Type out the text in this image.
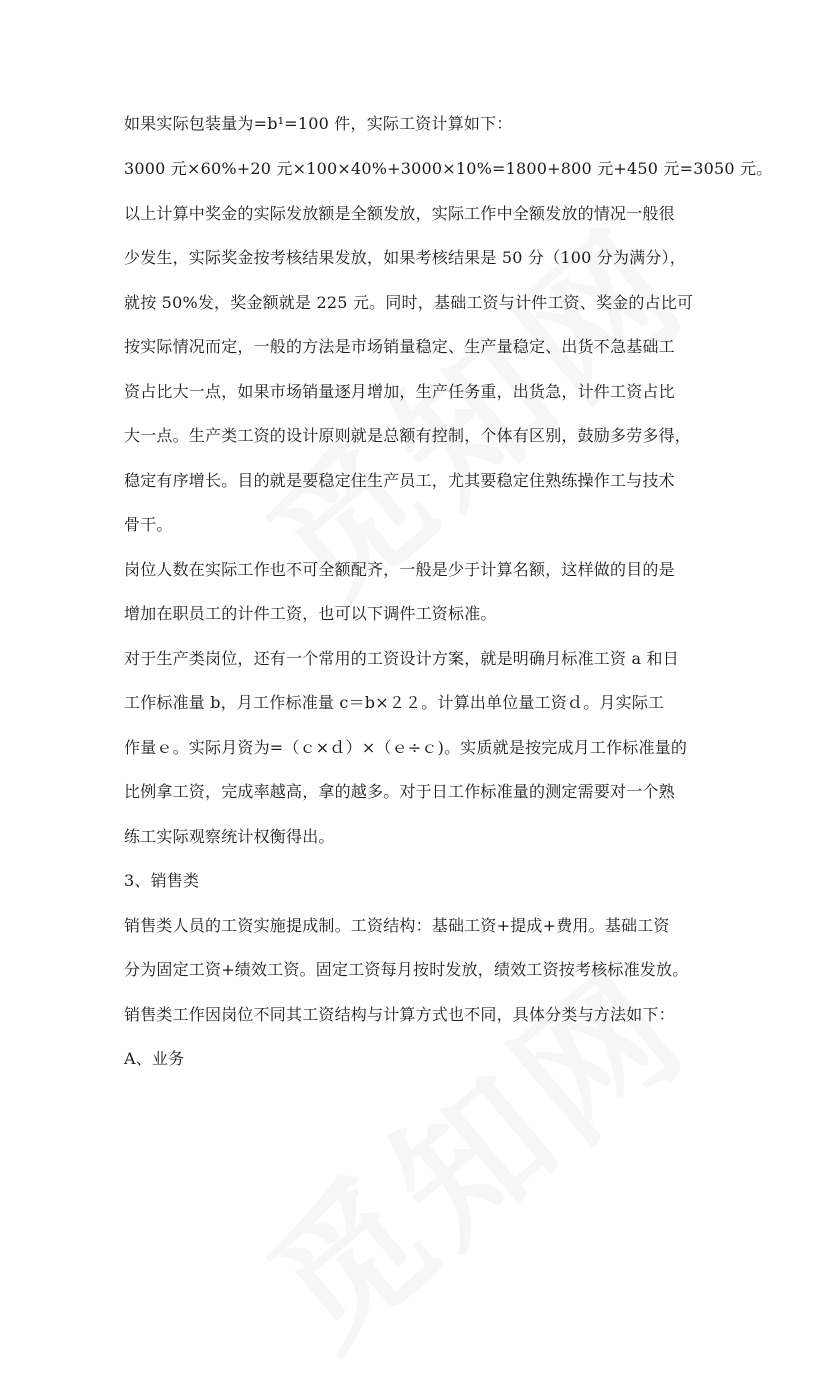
如果实际包装量为=b¹=100 件，实际工资计算如下：
3000 元×60%+20 元×100×40%+3000×10%=1800+800 元+450 元=3050 元。
以上计算中奖金的实际发放额是全额发放，实际工作中全额发放的情况一般很
少发生，实际奖金按考核结果发放，如果考核结果是 50 分（100 分为满分），
就按 50%发，奖金额就是 225 元。同时，基础工资与计件工资、奖金的占比可
按实际情况而定，一般的方法是市场销量稳定、生产量稳定、出货不急基础工
资占比大一点，如果市场销量逐月增加，生产任务重，出货急，计件工资占比
大一点。生产类工资的设计原则就是总额有控制，个体有区别，鼓励多劳多得，
稳定有序增长。目的就是要稳定住生产员工，尤其要稳定住熟练操作工与技术
骨干。
岗位人数在实际工作也不可全额配齐，一般是少于计算名额，这样做的目的是
增加在职员工的计件工资，也可以下调件工资标准。
对于生产类岗位，还有一个常用的工资设计方案，就是明确月标准工资 a 和日
工作标准量 b，月工作标准量 c＝b×２２。计算出单位量工资ｄ。月实际工
作量ｅ。实际月资为=（ｃ×ｄ）×（ｅ÷ｃ)。实质就是按完成月工作标准量的
比例拿工资，完成率越高，拿的越多。对于日工作标准量的测定需要对一个熟
练工实际观察统计权衡得出。
3、销售类
销售类人员的工资实施提成制。工资结构：基础工资+提成+费用。基础工资
分为固定工资+绩效工资。固定工资每月按时发放，绩效工资按考核标准发放。
销售类工作因岗位不同其工资结构与计算方式也不同，具体分类与方法如下：
A、业务
